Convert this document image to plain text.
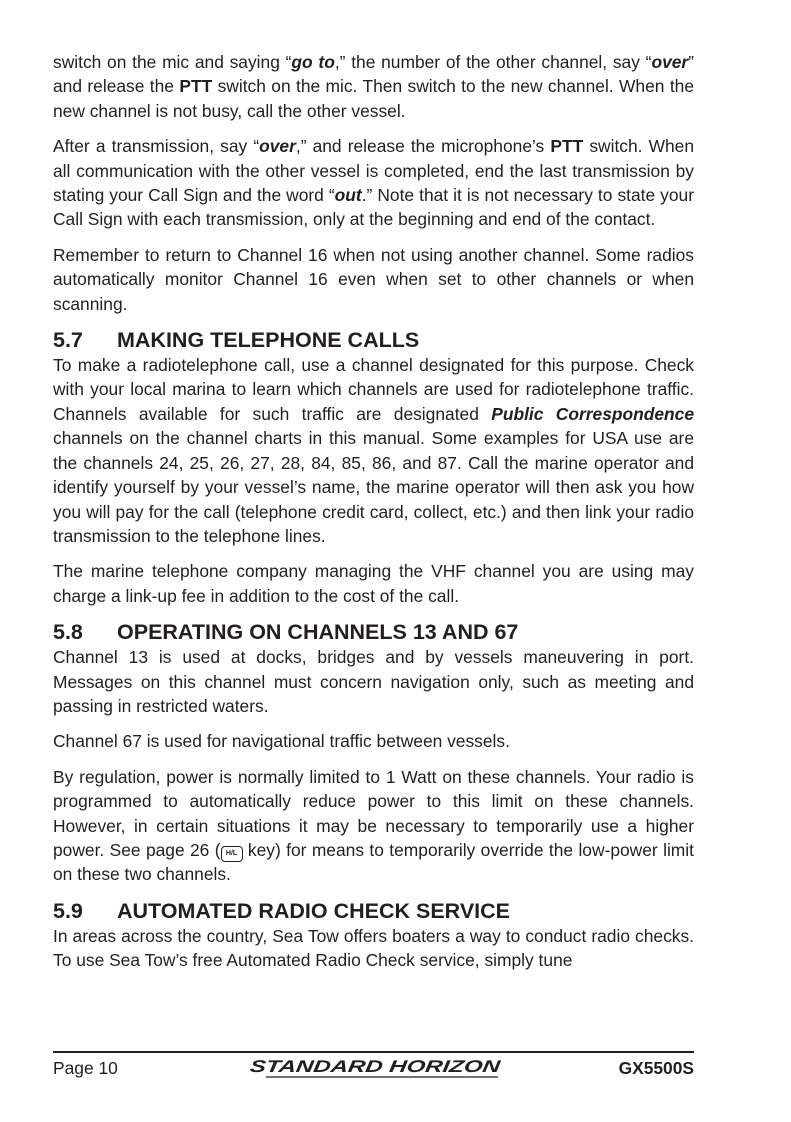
switch on the mic and saying “go to,” the number of the other channel, say “over” and release the PTT switch on the mic. Then switch to the new channel. When the new channel is not busy, call the other vessel.

After a transmission, say “over,” and release the microphone’s PTT switch. When all communication with the other vessel is completed, end the last transmission by stating your Call Sign and the word “out.” Note that it is not necessary to state your Call Sign with each transmission, only at the beginning and end of the contact.

Remember to return to Channel 16 when not using another channel. Some radios automatically monitor Channel 16 even when set to other channels or when scanning.

5.7 MAKING TELEPHONE CALLS

To make a radiotelephone call, use a channel designated for this purpose. Check with your local marina to learn which channels are used for radiotelephone traffic. Channels available for such traffic are designated Public Correspondence channels on the channel charts in this manual. Some examples for USA use are the channels 24, 25, 26, 27, 28, 84, 85, 86, and 87. Call the marine operator and identify yourself by your vessel’s name, the marine operator will then ask you how you will pay for the call (telephone credit card, collect, etc.) and then link your radio transmission to the telephone lines.

The marine telephone company managing the VHF channel you are using may charge a link-up fee in addition to the cost of the call.

5.8 OPERATING ON CHANNELS 13 AND 67

Channel 13 is used at docks, bridges and by vessels maneuvering in port. Messages on this channel must concern navigation only, such as meeting and passing in restricted waters.

Channel 67 is used for navigational traffic between vessels.

By regulation, power is normally limited to 1 Watt on these channels. Your radio is programmed to automatically reduce power to this limit on these channels. However, in certain situations it may be necessary to temporarily use a higher power. See page 26 ( H/L key) for means to temporarily override the low-power limit on these two channels.

5.9 AUTOMATED RADIO CHECK SERVICE

In areas across the country, Sea Tow offers boaters a way to conduct radio checks. To use Sea Tow’s free Automated Radio Check service, simply tune

Page 10	STANDARD HORIZON	GX5500S
